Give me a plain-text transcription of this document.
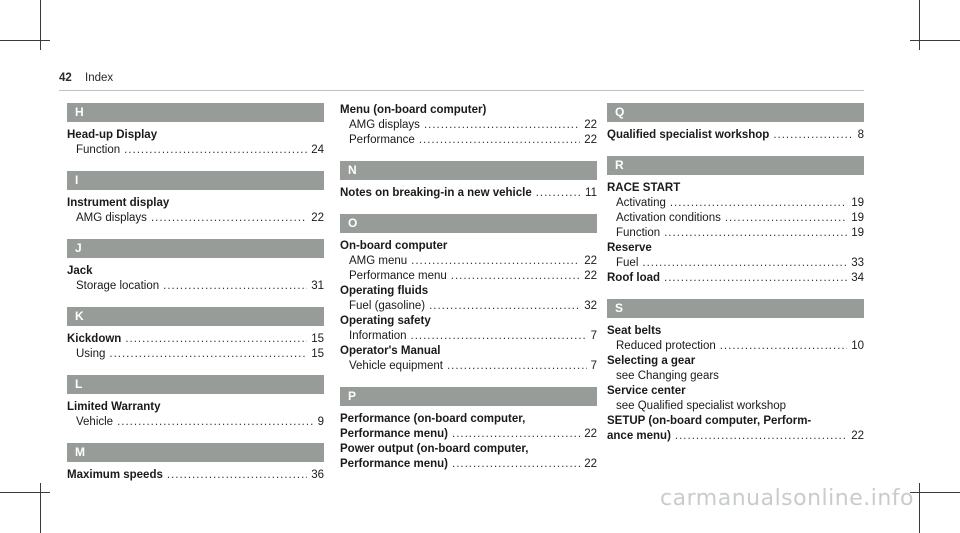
42 Index
H
Head-up Display
Function .....	24
I
Instrument display
AMG displays .....	22
J
Jack
Storage location .....	31
K
Kickdown .....	15
Using .....	15
L
Limited Warranty
Vehicle .....	9
M
Maximum speeds .....	36
Menu (on-board computer)
AMG displays .....	22
Performance .....	22
N
Notes on breaking-in a new vehicle .....	11
O
On-board computer
AMG menu .....	22
Performance menu .....	22
Operating fluids
Fuel (gasoline) .....	32
Operating safety
Information .....	7
Operator's Manual
Vehicle equipment .....	7
P
Performance (on-board computer,
Performance menu) .....	22
Power output (on-board computer,
Performance menu) .....	22
Q
Qualified specialist workshop .....	8
R
RACE START
Activating .....	19
Activation conditions .....	19
Function .....	19
Reserve
Fuel .....	33
Roof load .....	34
S
Seat belts
Reduced protection .....	10
Selecting a gear
see Changing gears
Service center
see Qualified specialist workshop
SETUP (on-board computer, Perform-
ance menu) .....	22
carmanualsonline.info
